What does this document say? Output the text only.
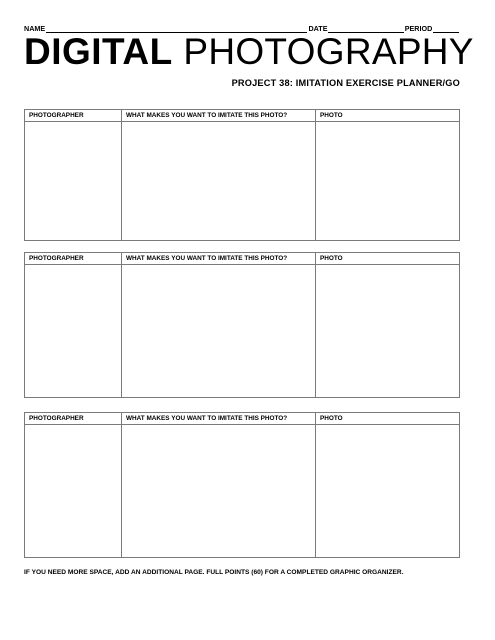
NAME	DATE	PERIOD
DIGITAL PHOTOGRAPHY
PROJECT 38: IMITATION EXERCISE PLANNER/GO
PHOTOGRAPHER	WHAT MAKES YOU WANT TO IMITATE THIS PHOTO?	PHOTO
PHOTOGRAPHER	WHAT MAKES YOU WANT TO IMITATE THIS PHOTO?	PHOTO
PHOTOGRAPHER	WHAT MAKES YOU WANT TO IMITATE THIS PHOTO?	PHOTO
IF YOU NEED MORE SPACE, ADD AN ADDITIONAL PAGE. FULL POINTS (60) FOR A COMPLETED GRAPHIC ORGANIZER.
